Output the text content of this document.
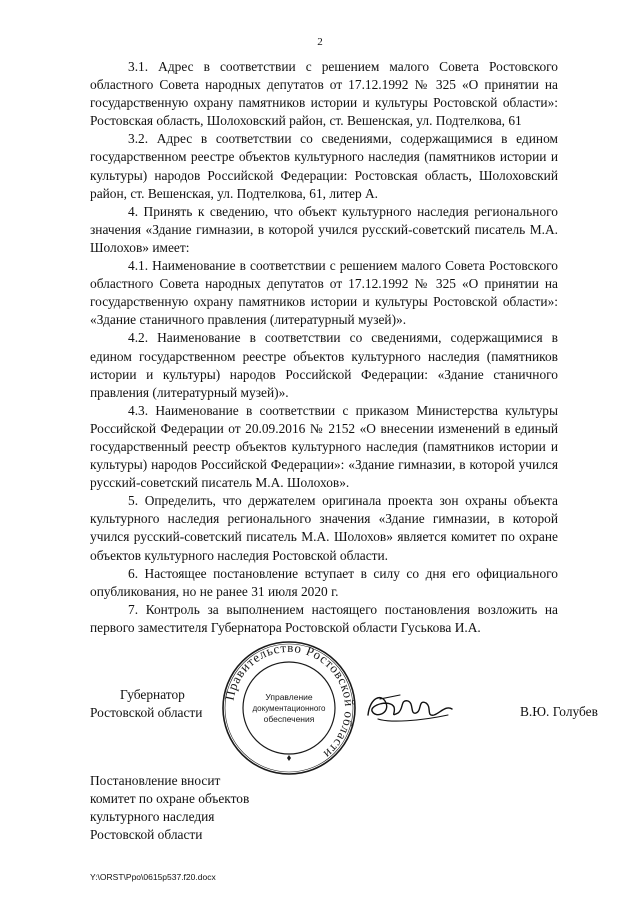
2

3.1. Адрес в соответствии с решением малого Совета Ростовского областного Совета народных депутатов от 17.12.1992 № 325 «О принятии на государственную охрану памятников истории и культуры Ростовской области»: Ростовская область, Шолоховский район, ст. Вешенская, ул. Подтелкова, 61

3.2. Адрес в соответствии со сведениями, содержащимися в едином государственном реестре объектов культурного наследия (памятников истории и культуры) народов Российской Федерации: Ростовская область, Шолоховский район, ст. Вешенская, ул. Подтелкова, 61, литер А.

4. Принять к сведению, что объект культурного наследия регионального значения «Здание гимназии, в которой учился русский-советский писатель М.А. Шолохов» имеет:

4.1. Наименование в соответствии с решением малого Совета Ростовского областного Совета народных депутатов от 17.12.1992 № 325 «О принятии на государственную охрану памятников истории и культуры Ростовской области»: «Здание станичного правления (литературный музей)».

4.2. Наименование в соответствии со сведениями, содержащимися в едином государственном реестре объектов культурного наследия (памятников истории и культуры) народов Российской Федерации: «Здание станичного правления (литературный музей)».

4.3. Наименование в соответствии с приказом Министерства культуры Российской Федерации от 20.09.2016 № 2152 «О внесении изменений в единый государственный реестр объектов культурного наследия (памятников истории и культуры) народов Российской Федерации»: «Здание гимназии, в которой учился русский-советский писатель М.А. Шолохов».

5. Определить, что держателем оригинала проекта зон охраны объекта культурного наследия регионального значения «Здание гимназии, в которой учился русский-советский писатель М.А. Шолохов» является комитет по охране объектов культурного наследия Ростовской области.

6. Настоящее постановление вступает в силу со дня его официального опубликования, но не ранее 31 июля 2020 г.

7. Контроль за выполнением настоящего постановления возложить на первого заместителя Губернатора Ростовской области Гуськова И.А.

Губернатор
Ростовской области
Правительство Ростовской области
Управление
документационного
обеспечения	В.Ю. Голубев
Постановление вносит
комитет по охране объектов
культурного наследия
Ростовской области
Y:\ORST\Ppo\0615p537.f20.docx
